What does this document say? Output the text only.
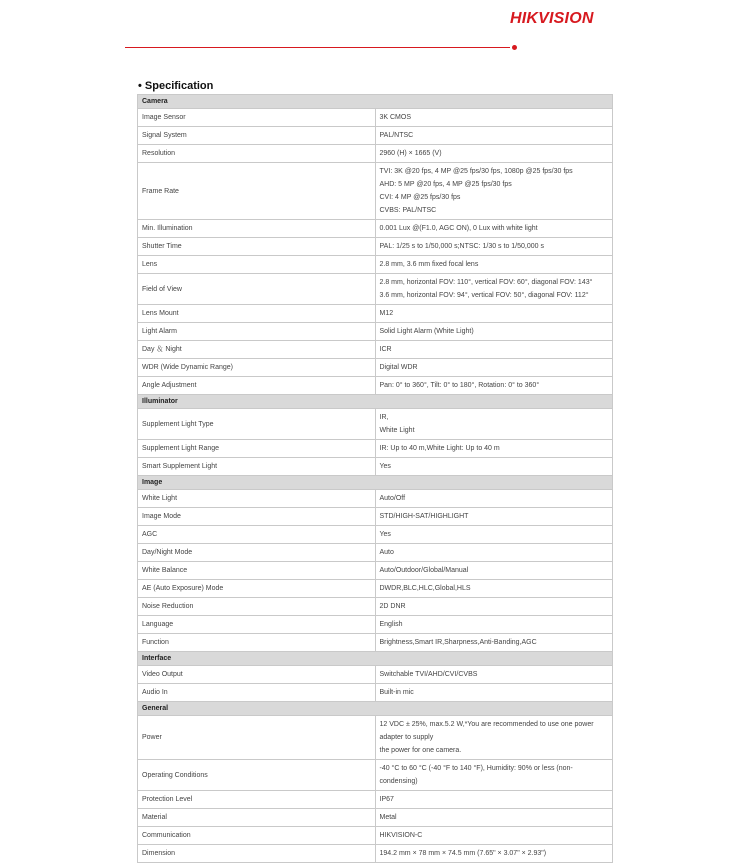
HIKVISION
• Specification
Camera	
Image Sensor	3K CMOS

Signal System	PAL/NTSC

Resolution	2960 (H) × 1665 (V)

Frame Rate	TVI: 3K @20 fps, 4 MP @25 fps/30 fps, 1080p @25 fps/30 fps
AHD: 5 MP @20 fps, 4 MP @25 fps/30 fps
CVI: 4 MP @25 fps/30 fps
CVBS: PAL/NTSC

Min. Illumination	0.001 Lux @(F1.0, AGC ON), 0 Lux with white light

Shutter Time	PAL: 1/25 s to 1/50,000 s;NTSC: 1/30 s to 1/50,000 s

Lens	2.8 mm, 3.6 mm fixed focal lens

Field of View	2.8 mm, horizontal FOV: 110°, vertical FOV: 60°, diagonal FOV: 143°
3.6 mm, horizontal FOV: 94°, vertical FOV: 50°, diagonal FOV: 112°

Lens Mount	M12

Light Alarm	Solid Light Alarm (White Light)

Day ＆ Night	ICR

WDR (Wide Dynamic Range)	Digital WDR

Angle Adjustment	Pan: 0° to 360°, Tilt: 0° to 180°, Rotation: 0° to 360°

Illuminator	
Supplement Light Type	IR,
White Light

Supplement Light Range	IR: Up to 40 m,White Light: Up to 40 m

Smart Supplement Light	Yes

Image	
White Light	Auto/Off

Image Mode	STD/HIGH-SAT/HIGHLIGHT

AGC	Yes

Day/Night Mode	Auto

White Balance	Auto/Outdoor/Global/Manual

AE (Auto Exposure) Mode	DWDR,BLC,HLC,Global,HLS

Noise Reduction	2D DNR

Language	English

Function	Brightness,Smart IR,Sharpness,Anti-Banding,AGC

Interface	
Video Output	Switchable TVI/AHD/CVI/CVBS

Audio In	Built-in mic

General	
Power	12 VDC ± 25%, max.5.2 W,*You are recommended to use one power adapter to supply
the power for one camera.

Operating Conditions	-40 °C to 60 °C (-40 °F to 140 °F), Humidity: 90% or less (non-condensing)

Protection Level	IP67

Material	Metal

Communication	HIKVISION-C

Dimension	194.2 mm × 78 mm × 74.5 mm (7.65" × 3.07" × 2.93")
